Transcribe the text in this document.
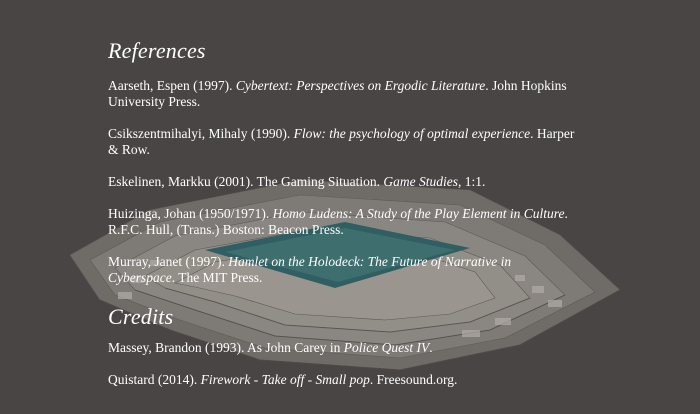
References

Aarseth, Espen (1997). Cybertext: Perspectives on Ergodic Literature. John Hopkins University Press.

Csikszentmihalyi, Mihaly (1990). Flow: the psychology of optimal experience. Harper & Row.

Eskelinen, Markku (2001). The Gaming Situation. Game Studies, 1:1.

Huizinga, Johan (1950/1971). Homo Ludens: A Study of the Play Element in Culture. R.F.C. Hull, (Trans.) Boston: Beacon Press.

Murray, Janet (1997). Hamlet on the Holodeck: The Future of Narrative in Cyberspace. The MIT Press.

Credits

Massey, Brandon (1993). As John Carey in Police Quest IV.

Quistard (2014). Firework - Take off - Small pop. Freesound.org.
